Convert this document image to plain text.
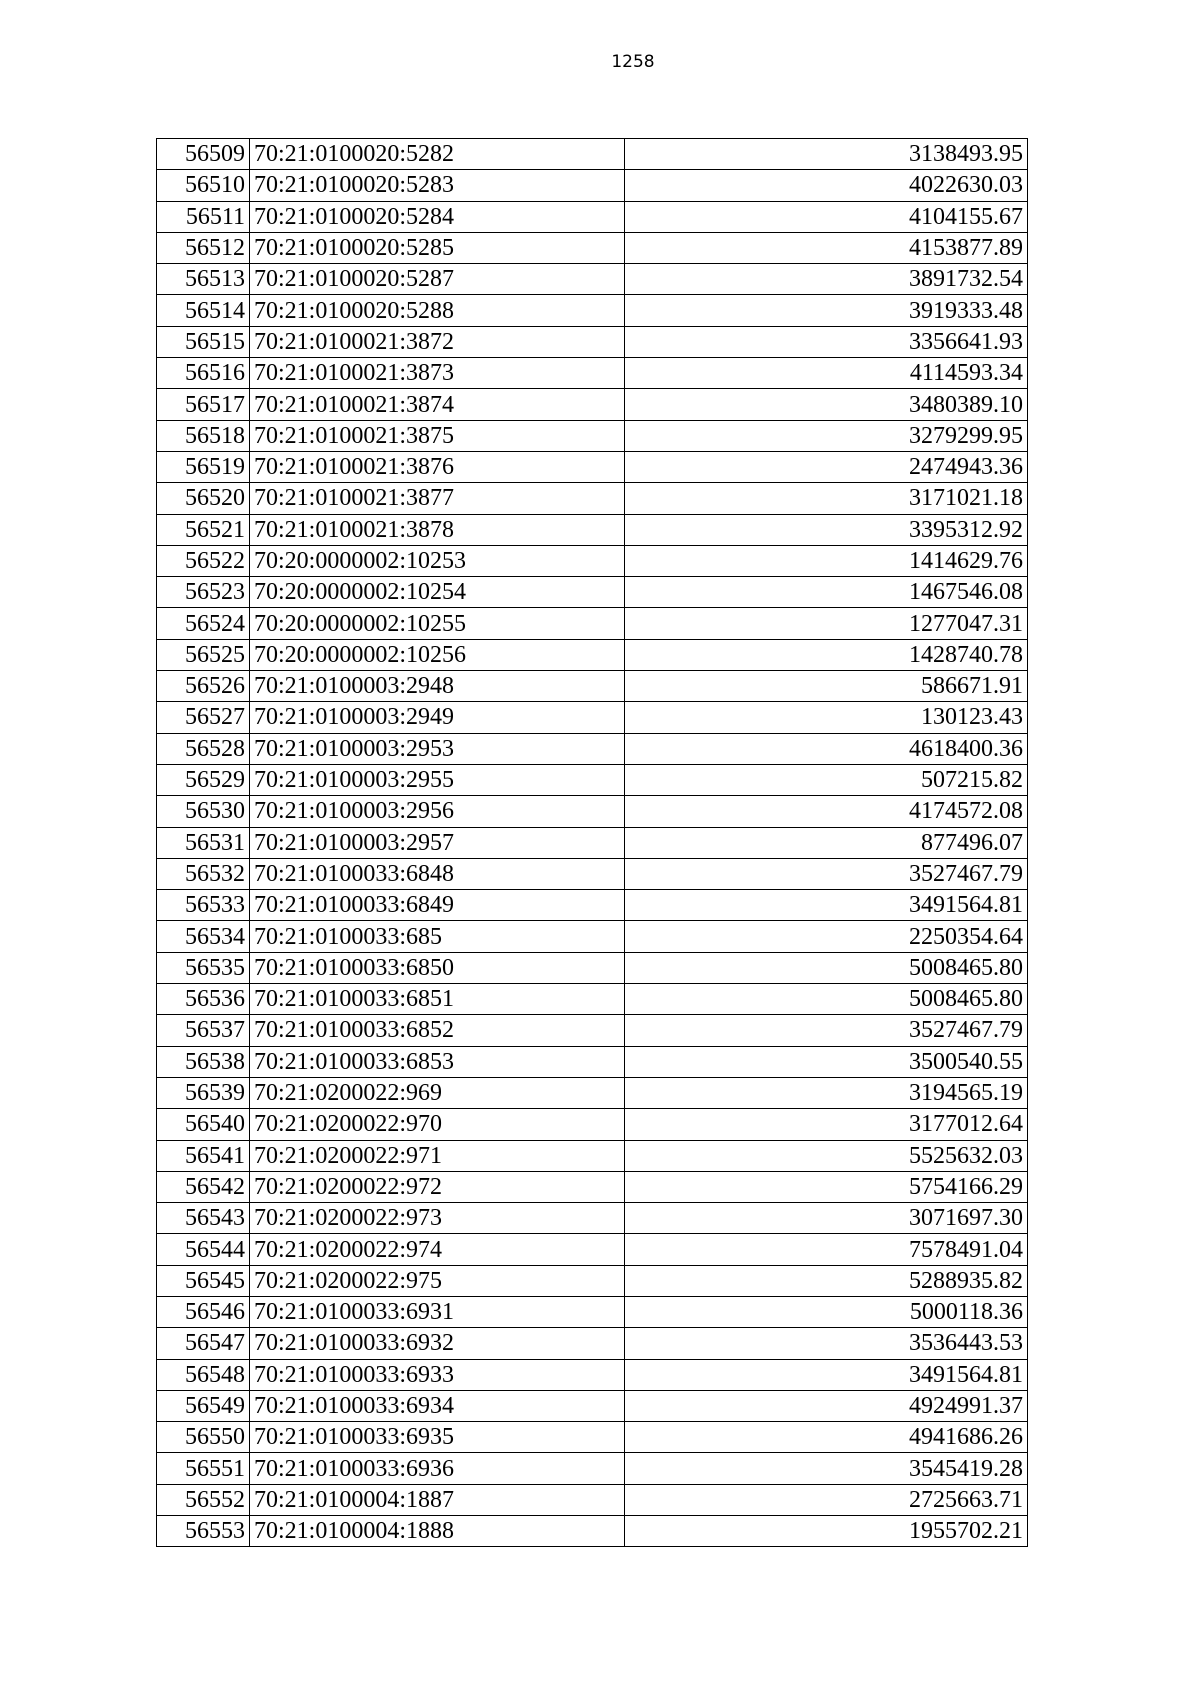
1258
56509	70:21:0100020:5282	3138493.95
56510	70:21:0100020:5283	4022630.03
56511	70:21:0100020:5284	4104155.67
56512	70:21:0100020:5285	4153877.89
56513	70:21:0100020:5287	3891732.54
56514	70:21:0100020:5288	3919333.48
56515	70:21:0100021:3872	3356641.93
56516	70:21:0100021:3873	4114593.34
56517	70:21:0100021:3874	3480389.10
56518	70:21:0100021:3875	3279299.95
56519	70:21:0100021:3876	2474943.36
56520	70:21:0100021:3877	3171021.18
56521	70:21:0100021:3878	3395312.92
56522	70:20:0000002:10253	1414629.76
56523	70:20:0000002:10254	1467546.08
56524	70:20:0000002:10255	1277047.31
56525	70:20:0000002:10256	1428740.78
56526	70:21:0100003:2948	586671.91
56527	70:21:0100003:2949	130123.43
56528	70:21:0100003:2953	4618400.36
56529	70:21:0100003:2955	507215.82
56530	70:21:0100003:2956	4174572.08
56531	70:21:0100003:2957	877496.07
56532	70:21:0100033:6848	3527467.79
56533	70:21:0100033:6849	3491564.81
56534	70:21:0100033:685	2250354.64
56535	70:21:0100033:6850	5008465.80
56536	70:21:0100033:6851	5008465.80
56537	70:21:0100033:6852	3527467.79
56538	70:21:0100033:6853	3500540.55
56539	70:21:0200022:969	3194565.19
56540	70:21:0200022:970	3177012.64
56541	70:21:0200022:971	5525632.03
56542	70:21:0200022:972	5754166.29
56543	70:21:0200022:973	3071697.30
56544	70:21:0200022:974	7578491.04
56545	70:21:0200022:975	5288935.82
56546	70:21:0100033:6931	5000118.36
56547	70:21:0100033:6932	3536443.53
56548	70:21:0100033:6933	3491564.81
56549	70:21:0100033:6934	4924991.37
56550	70:21:0100033:6935	4941686.26
56551	70:21:0100033:6936	3545419.28
56552	70:21:0100004:1887	2725663.71
56553	70:21:0100004:1888	1955702.21
